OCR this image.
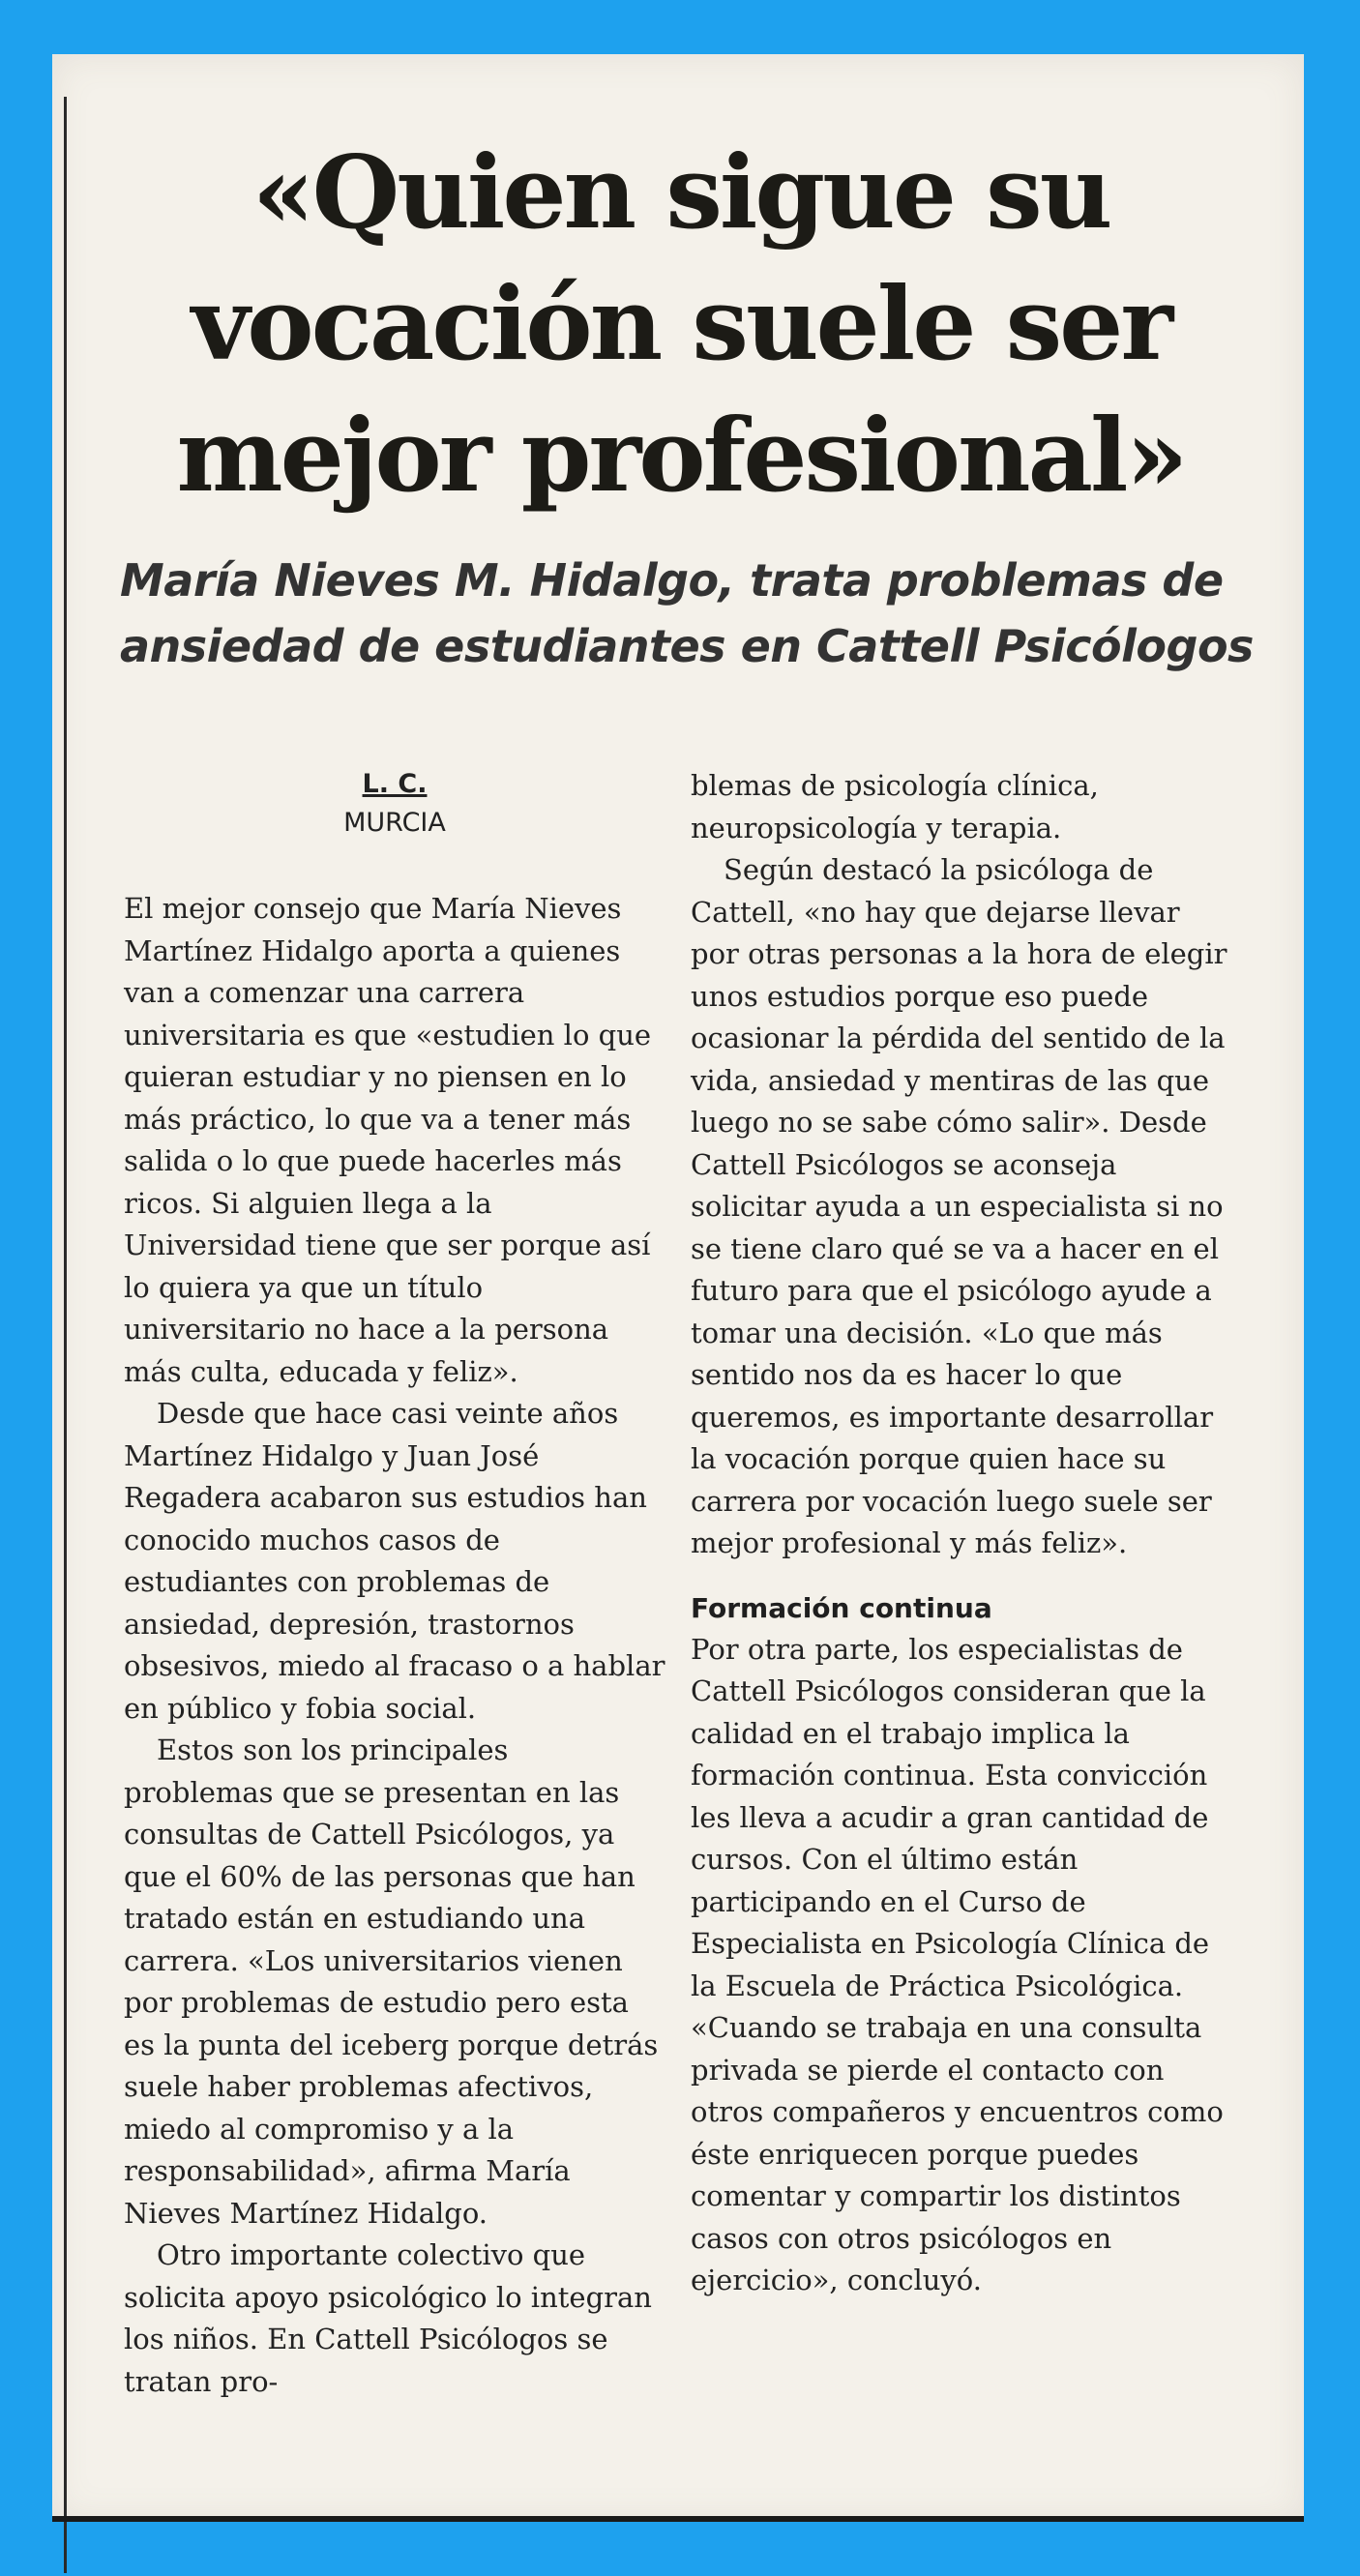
«Quien sigue su vocación suele ser mejor profesional»
María Nieves M. Hidalgo, trata problemas de ansiedad de estudiantes en Cattell Psicólogos
L. C.
MURCIA

El mejor consejo que María Nieves Martínez Hidalgo aporta a quienes van a comenzar una carrera universitaria es que «estudien lo que quieran estudiar y no piensen en lo más práctico, lo que va a tener más salida o lo que puede hacerles más ricos. Si alguien llega a la Universidad tiene que ser porque así lo quiera ya que un título universitario no hace a la persona más culta, educada y feliz».

Desde que hace casi veinte años Martínez Hidalgo y Juan José Regadera acabaron sus estudios han conocido muchos casos de estudiantes con problemas de ansiedad, depresión, trastornos obsesivos, miedo al fracaso o a hablar en público y fobia social.

Estos son los principales problemas que se presentan en las consultas de Cattell Psicólogos, ya que el 60% de las personas que han tratado están en estudiando una carrera. «Los universitarios vienen por problemas de estudio pero esta es la punta del iceberg porque detrás suele haber problemas afectivos, miedo al compromiso y a la responsabilidad», afirma María Nieves Martínez Hidalgo.

Otro importante colectivo que solicita apoyo psicológico lo integran los niños. En Cattell Psicólogos se tratan pro-

blemas de psicología clínica, neuropsicología y terapia.

Según destacó la psicóloga de Cattell, «no hay que dejarse llevar por otras personas a la hora de elegir unos estudios porque eso puede ocasionar la pérdida del sentido de la vida, ansiedad y mentiras de las que luego no se sabe cómo salir». Desde Cattell Psicólogos se aconseja solicitar ayuda a un especialista si no se tiene claro qué se va a hacer en el futuro para que el psicólogo ayude a tomar una decisión. «Lo que más sentido nos da es hacer lo que queremos, es importante desarrollar la vocación porque quien hace su carrera por vocación luego suele ser mejor profesional y más feliz».

Formación continua

Por otra parte, los especialistas de Cattell Psicólogos consideran que la calidad en el trabajo implica la formación continua. Esta convicción les lleva a acudir a gran cantidad de cursos. Con el último están participando en el Curso de Especialista en Psicología Clínica de la Escuela de Práctica Psicológica. «Cuando se trabaja en una consulta privada se pierde el contacto con otros compañeros y encuentros como éste enriquecen porque puedes comentar y compartir los distintos casos con otros psicólogos en ejercicio», concluyó.
